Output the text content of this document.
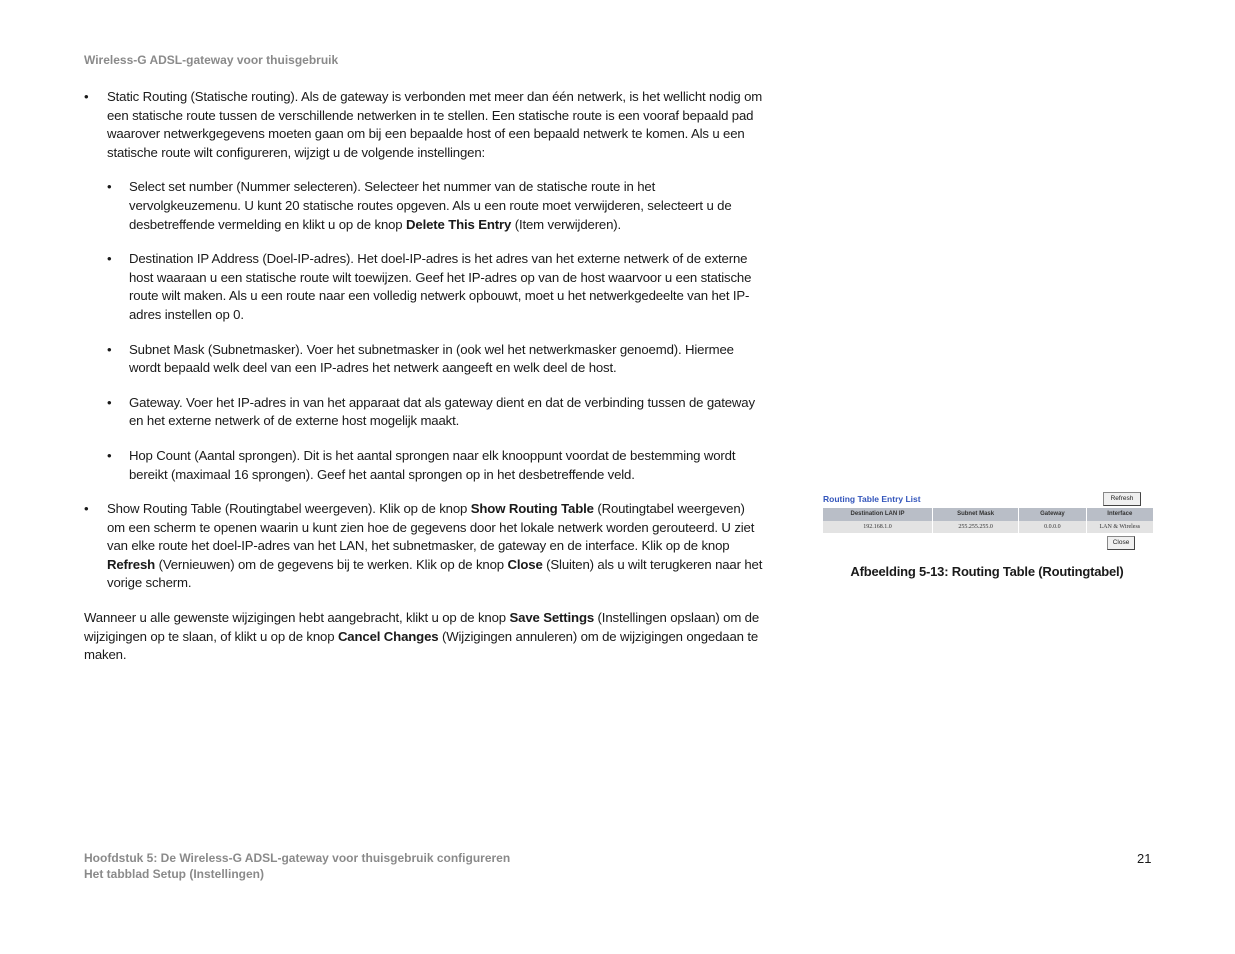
Wireless-G ADSL-gateway voor thuisgebruik
• Static Routing (Statische routing). Als de gateway is verbonden met meer dan één netwerk, is het wellicht nodig om een statische route tussen de verschillende netwerken in te stellen. Een statische route is een vooraf bepaald pad waarover netwerkgegevens moeten gaan om bij een bepaalde host of een bepaald netwerk te komen. Als u een statische route wilt configureren, wijzigt u de volgende instellingen:

• Select set number (Nummer selecteren). Selecteer het nummer van de statische route in het vervolgkeuzemenu. U kunt 20 statische routes opgeven. Als u een route moet verwijderen, selecteert u de desbetreffende vermelding en klikt u op de knop Delete This Entry (Item verwijderen).

• Destination IP Address (Doel-IP-adres). Het doel-IP-adres is het adres van het externe netwerk of de externe host waaraan u een statische route wilt toewijzen. Geef het IP-adres op van de host waarvoor u een statische route wilt maken. Als u een route naar een volledig netwerk opbouwt, moet u het netwerkgedeelte van het IP-adres instellen op 0.

• Subnet Mask (Subnetmasker). Voer het subnetmasker in (ook wel het netwerkmasker genoemd). Hiermee wordt bepaald welk deel van een IP-adres het netwerk aangeeft en welk deel de host.

• Gateway. Voer het IP-adres in van het apparaat dat als gateway dient en dat de verbinding tussen de gateway en het externe netwerk of de externe host mogelijk maakt.

• Hop Count (Aantal sprongen). Dit is het aantal sprongen naar elk knooppunt voordat de bestemming wordt bereikt (maximaal 16 sprongen). Geef het aantal sprongen op in het desbetreffende veld.

• Show Routing Table (Routingtabel weergeven). Klik op de knop Show Routing Table (Routingtabel weergeven) om een scherm te openen waarin u kunt zien hoe de gegevens door het lokale netwerk worden gerouteerd. U ziet van elke route het doel-IP-adres van het LAN, het subnetmasker, de gateway en de interface. Klik op de knop Refresh (Vernieuwen) om de gegevens bij te werken. Klik op de knop Close (Sluiten) als u wilt terugkeren naar het vorige scherm.

Wanneer u alle gewenste wijzigingen hebt aangebracht, klikt u op de knop Save Settings (Instellingen opslaan) om de wijzigingen op te slaan, of klikt u op de knop Cancel Changes (Wijzigingen annuleren) om de wijzigingen ongedaan te maken.

Routing Table Entry List	Refresh
Destination LAN IP	Subnet Mask	Gateway	Interface
192.168.1.0	255.255.255.0	0.0.0.0	LAN & Wireless
Close
Afbeelding 5-13: Routing Table (Routingtabel)
Hoofdstuk 5: De Wireless-G ADSL-gateway voor thuisgebruik configureren
Het tabblad Setup (Instellingen)
21
